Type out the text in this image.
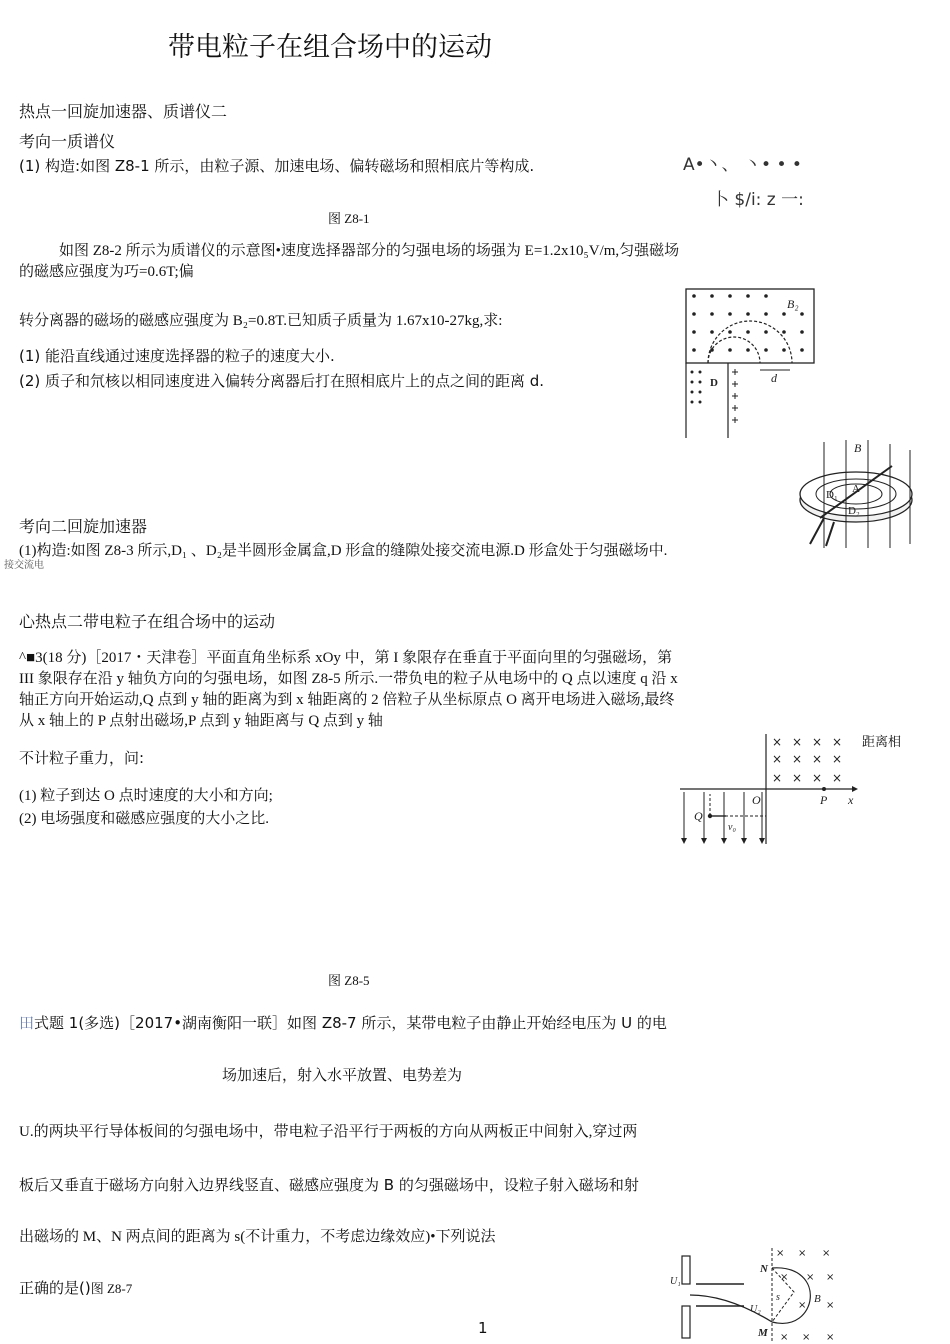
带电粒子在组合场中的运动
热点一回旋加速器、质谱仪二
考向一质谱仪
(1) 构造:如图 Z8-1 所示，由粒子源、加速电场、偏转磁场和照相底片等构成.	A•丶、 丶• • •
卜 $/i: z 一:
图 Z8-1
如图 Z8-2 所示为质谱仪的示意图•速度选择器部分的匀强电场的场强为 E=1.2x10₅V/m,匀强磁场的磁感应强度为巧=0.6T;偏
转分离器的磁场的磁感应强度为 B₂=0.8T.已知质子质量为 1.67x10-27kg,求:
(1) 能沿直线通过速度选择器的粒子的速度大小.
(2) 质子和氘核以相同速度进入偏转分离器后打在照相底片上的点之间的距离 d.
考向二回旋加速器
接交流电
(1)构造:如图 Z8-3 所示,D₁ 、D₂是半圆形金属盒,D 形盒的缝隙处接交流电源.D 形盒处于匀强磁场中.
心热点二带电粒子在组合场中的运动
^■3(18 分)［2017・天津卷］平面直角坐标系 xOy 中，第 I 象限存在垂直于平面向里的匀强磁场，第 III 象限存在沿 y 轴负方向的匀强电场，如图 Z8-5 所示.一带负电的粒子从电场中的 Q 点以速度 q 沿 x 轴正方向开始运动,Q 点到 y 轴的距离为到 x 轴距离的 2 倍粒子从坐标原点 O 离开电场进入磁场,最终从 x 轴上的 P 点射出磁场,P 点到 y 轴距离与 Q 点到 y 轴
距离相
不计粒子重力，问:
(1) 粒子到达 O 点时速度的大小和方向;
(2) 电场强度和磁感应强度的大小之比.
图 Z8-5
田式题 1(多选)［2017•湖南衡阳一联］如图 Z8-7 所示，某带电粒子由静止开始经电压为 U 的电
场加速后，射入水平放置、电势差为
U.的两块平行导体板间的匀强电场中，带电粒子沿平行于两板的方向从两板正中间射入,穿过两
板后又垂直于磁场方向射入边界线竖直、磁感应强度为 B 的匀强磁场中，设粒子射入磁场和射
出磁场的 M、N 两点间的距离为 s(不计重力，不考虑边缘效应)•下列说法
正确的是()图 Z8-7
1
B₂
d
D
B
D₁
D₂
A
× × × ×
× × × ×
× × × ×
O	P
Q
x
v₀
× × ×
× × ×
× ×
× × ×
U₁
U₂
N
M
B
s
